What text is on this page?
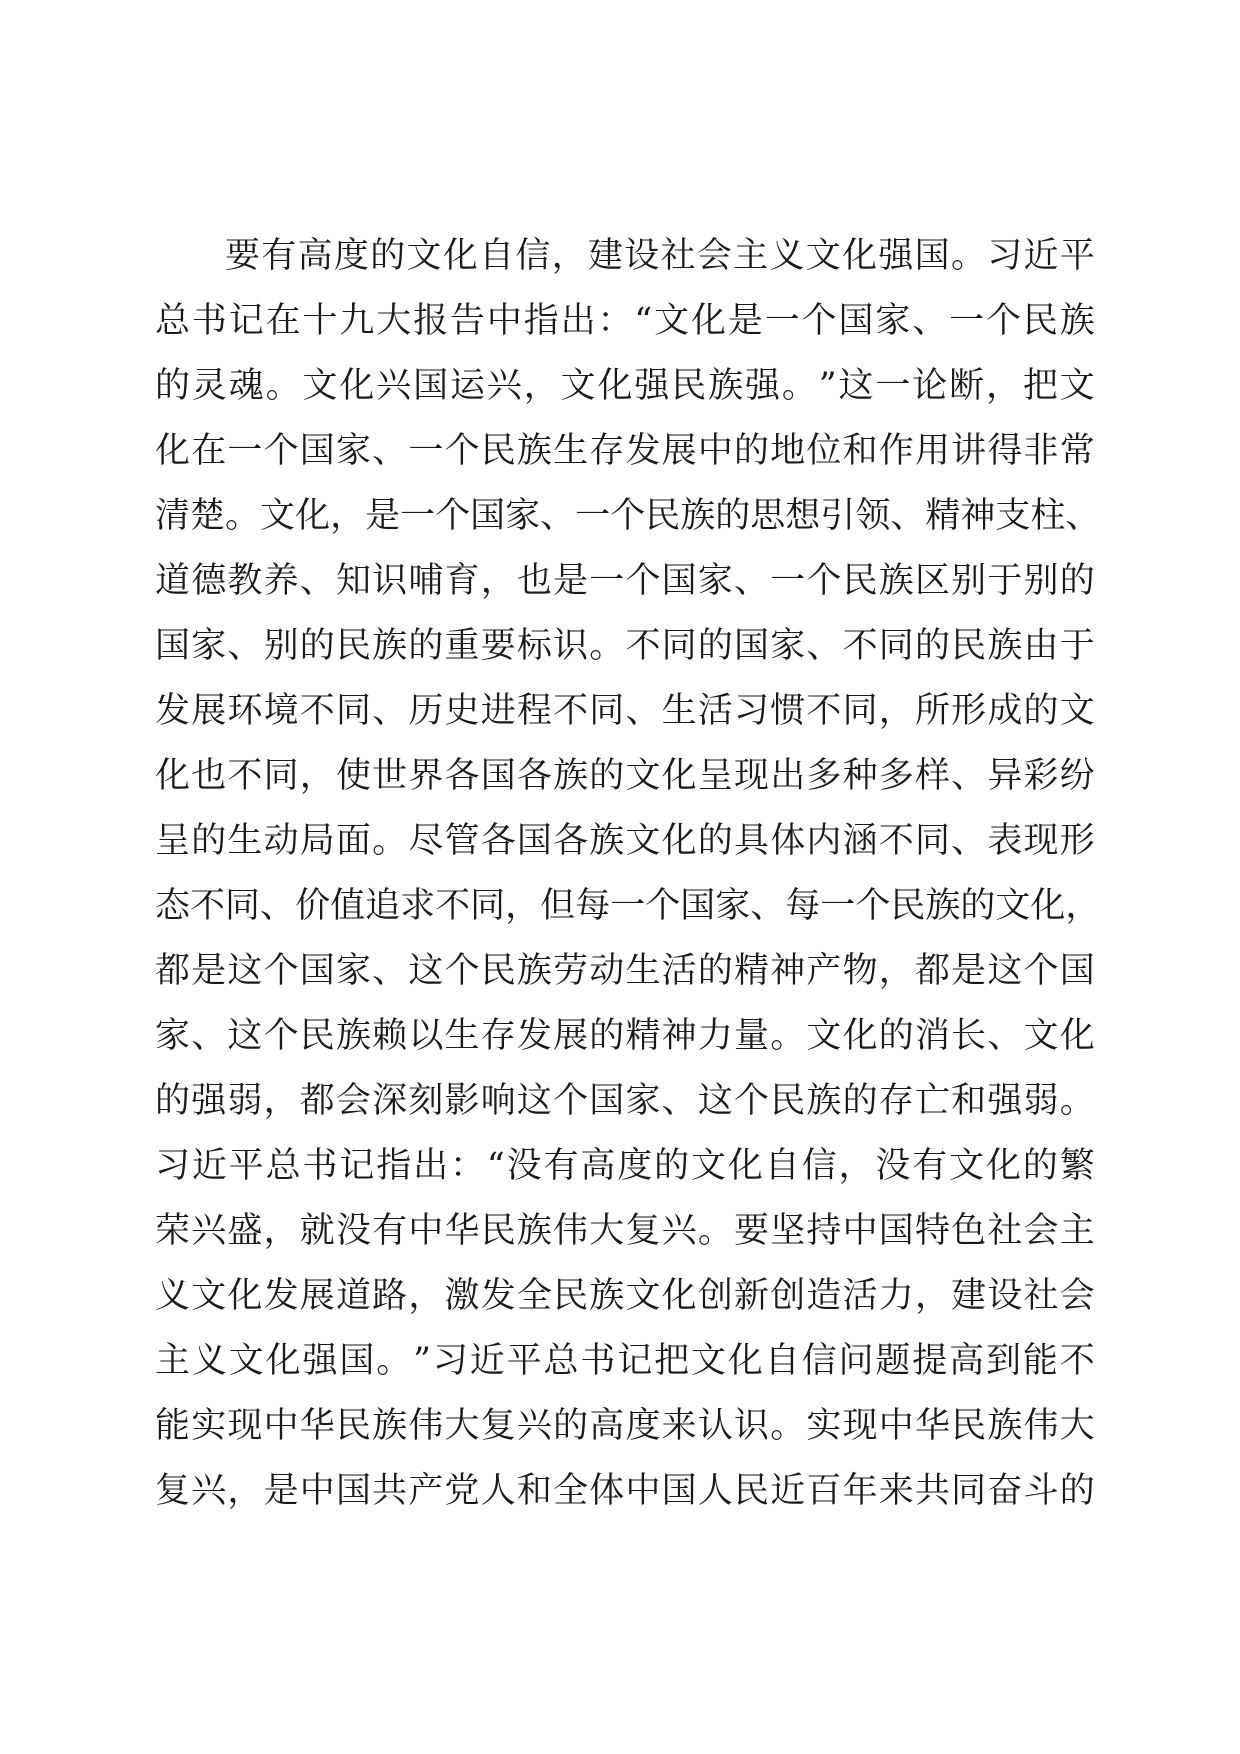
要 有 高 度 的 文 化 自 信 ， 建 设 社 会 主 义 文 化 强 国 。 习 近 平
总 书 记 在 十 九 大 报 告 中 指 出 ： “ 文 化 是 一 个 国 家 、 一 个 民 族
的 灵 魂 。 文 化 兴 国 运 兴 ， 文 化 强 民 族 强 。 ” 这 一 论 断 ， 把 文
化 在 一 个 国 家 、 一 个 民 族 生 存 发 展 中 的 地 位 和 作 用 讲 得 非 常
清 楚 。 文 化 ， 是 一 个 国 家 、 一 个 民 族 的 思 想 引 领 、 精 神 支 柱 、
道 德 教 养 、 知 识 哺 育 ， 也 是 一 个 国 家 、 一 个 民 族 区 别 于 别 的
国 家 、 别 的 民 族 的 重 要 标 识 。 不 同 的 国 家 、 不 同 的 民 族 由 于
发 展 环 境 不 同 、 历 史 进 程 不 同 、 生 活 习 惯 不 同 ， 所 形 成 的 文
化 也 不 同 ， 使 世 界 各 国 各 族 的 文 化 呈 现 出 多 种 多 样 、 异 彩 纷
呈 的 生 动 局 面 。 尽 管 各 国 各 族 文 化 的 具 体 内 涵 不 同 、 表 现 形
态 不 同 、 价 值 追 求 不 同 ， 但 每 一 个 国 家 、 每 一 个 民 族 的 文 化 ，
都 是 这 个 国 家 、 这 个 民 族 劳 动 生 活 的 精 神 产 物 ， 都 是 这 个 国
家 、 这 个 民 族 赖 以 生 存 发 展 的 精 神 力 量 。 文 化 的 消 长 、 文 化
的 强 弱 ， 都 会 深 刻 影 响 这 个 国 家 、 这 个 民 族 的 存 亡 和 强 弱 。
习 近 平 总 书 记 指 出 ： “ 没 有 高 度 的 文 化 自 信 ， 没 有 文 化 的 繁
荣 兴 盛 ， 就 没 有 中 华 民 族 伟 大 复 兴 。 要 坚 持 中 国 特 色 社 会 主
义 文 化 发 展 道 路 ， 激 发 全 民 族 文 化 创 新 创 造 活 力 ， 建 设 社 会
主 义 文 化 强 国 。 ” 习 近 平 总 书 记 把 文 化 自 信 问 题 提 高 到 能 不
能 实 现 中 华 民 族 伟 大 复 兴 的 高 度 来 认 识 。 实 现 中 华 民 族 伟 大
复 兴 ， 是 中 国 共 产 党 人 和 全 体 中 国 人 民 近 百 年 来 共 同 奋 斗 的
